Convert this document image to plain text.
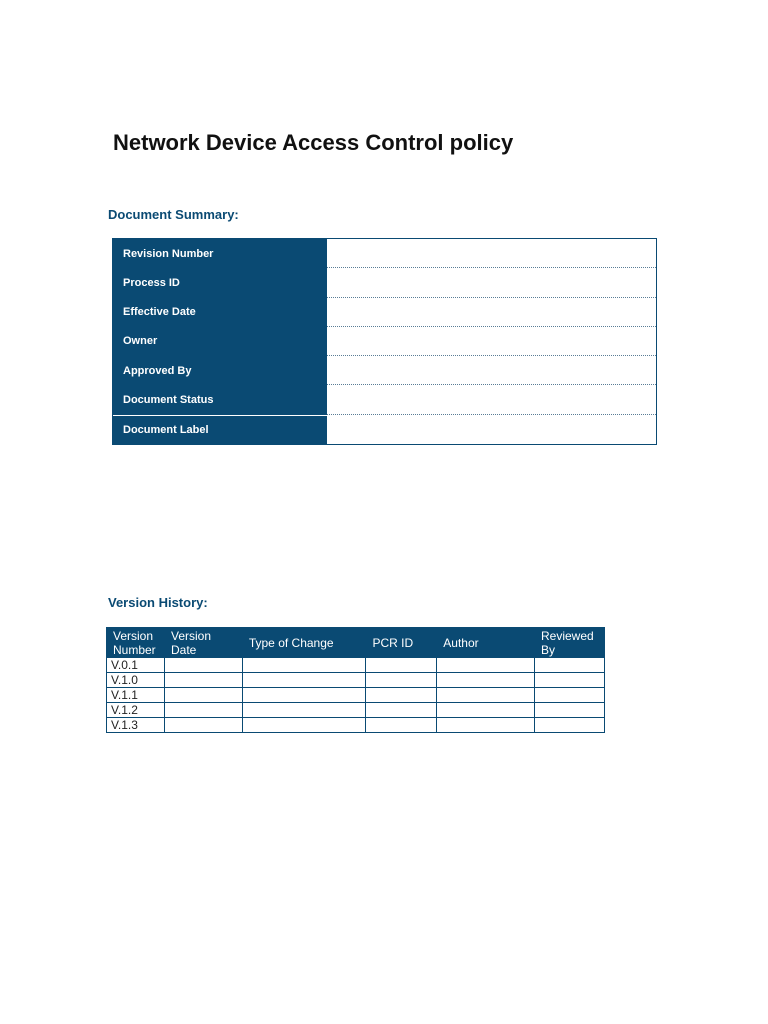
Network Device Access Control policy
Document Summary:
Revision Number
Process ID
Effective Date
Owner
Approved By
Document Status
Document Label
Version History:
Version Number	Version Date	Type of Change	PCR ID	Author	Reviewed By
V.0.1					
V.1.0					
V.1.1					
V.1.2					
V.1.3					
